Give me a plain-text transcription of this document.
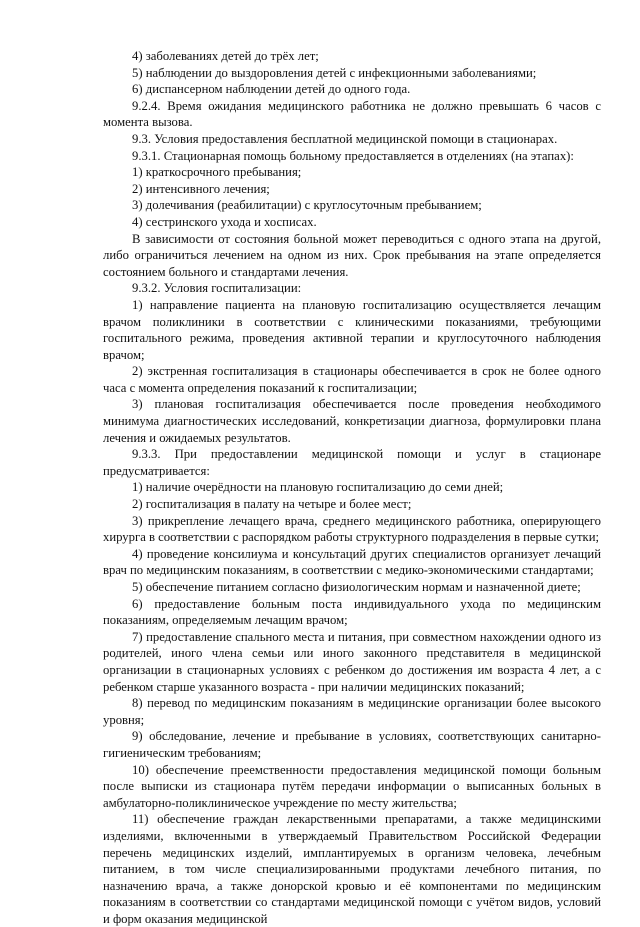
4) заболеваниях детей до трёх лет;

5) наблюдении до выздоровления детей с инфекционными заболеваниями;

6) диспансерном наблюдении детей до одного года.

9.2.4. Время ожидания медицинского работника не должно превышать 6 часов с момента вызова.

9.3. Условия предоставления бесплатной медицинской помощи в стационарах.

9.3.1. Стационарная помощь больному предоставляется в отделениях (на этапах):

1) краткосрочного пребывания;

2) интенсивного лечения;

3) долечивания (реабилитации) с круглосуточным пребыванием;

4) сестринского ухода и хосписах.

В зависимости от состояния больной может переводиться с одного этапа на другой, либо ограничиться лечением на одном из них. Срок пребывания на этапе определяется состоянием больного и стандартами лечения.

9.3.2. Условия госпитализации:

1) направление пациента на плановую госпитализацию осуществляется лечащим врачом поликлиники в соответствии с клиническими показаниями, требующими госпитального режима, проведения активной терапии и круглосуточного наблюдения врачом;

2) экстренная госпитализация в стационары обеспечивается в срок не более одного часа с момента определения показаний к госпитализации;

3) плановая госпитализация обеспечивается после проведения необходимого минимума диагностических исследований, конкретизации диагноза, формулировки плана лечения и ожидаемых результатов.

9.3.3. При предоставлении медицинской помощи и услуг в стационаре предусматривается:

1) наличие очерёдности на плановую госпитализацию до семи дней;

2) госпитализация в палату на четыре и более мест;

3) прикрепление лечащего врача, среднего медицинского работника, оперирующего хирурга в соответствии с распорядком работы структурного подразделения в первые сутки;

4) проведение консилиума и консультаций других специалистов организует лечащий врач по медицинским показаниям, в соответствии с медико-экономическими стандартами;

5) обеспечение питанием согласно физиологическим нормам и назначенной диете;

6) предоставление больным поста индивидуального ухода по медицинским показаниям, определяемым лечащим врачом;

7) предоставление спального места и питания, при совместном нахождении одного из родителей, иного члена семьи или иного законного представителя в медицинской организации в стационарных условиях с ребенком до достижения им возраста 4 лет, а с ребенком старше указанного возраста - при наличии медицинских показаний;

8) перевод по медицинским показаниям в медицинские организации более высокого уровня;

9) обследование, лечение и пребывание в условиях, соответствующих санитарно-гигиеническим требованиям;

10) обеспечение преемственности предоставления медицинской помощи больным после выписки из стационара путём передачи информации о выписанных больных в амбулаторно-поликлиническое учреждение по месту жительства;

11) обеспечение граждан лекарственными препаратами, а также медицинскими изделиями, включенными в утверждаемый Правительством Российской Федерации перечень медицинских изделий, имплантируемых в организм человека, лечебным питанием, в том числе специализированными продуктами лечебного питания, по назначению врача, а также донорской кровью и её компонентами по медицинским показаниям в соответствии со стандартами медицинской помощи с учётом видов, условий и форм оказания медицинской
